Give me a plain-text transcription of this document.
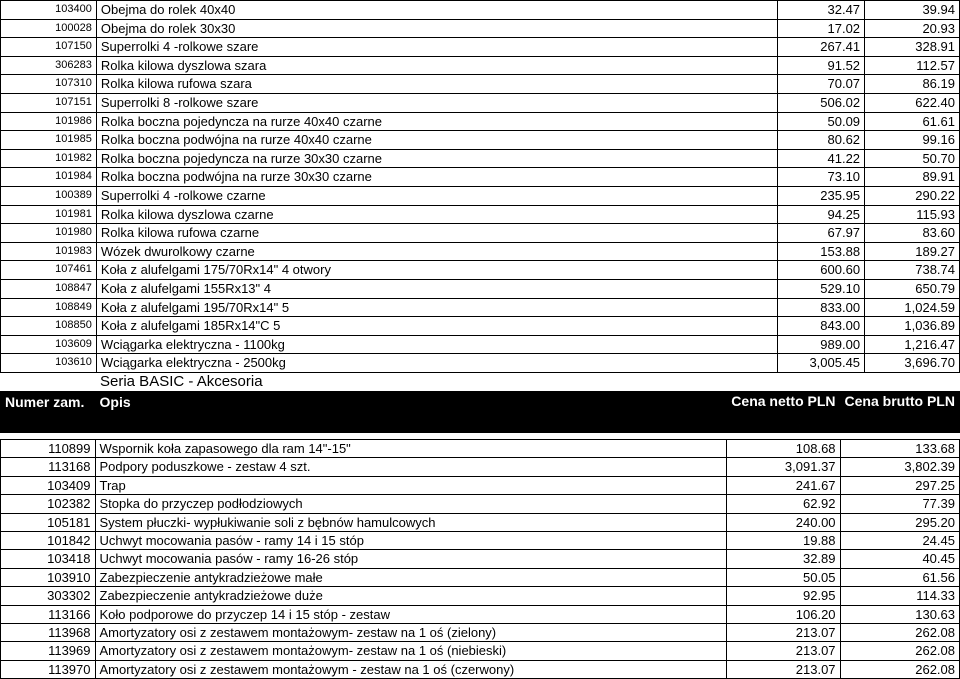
103400	Obejma do rolek 40x40	32.47	39.94
100028	Obejma do rolek 30x30	17.02	20.93
107150	Superrolki 4 -rolkowe szare	267.41	328.91
306283	Rolka kilowa dyszlowa szara	91.52	112.57
107310	Rolka kilowa rufowa szara	70.07	86.19
107151	Superrolki 8 -rolkowe szare	506.02	622.40
101986	Rolka boczna pojedyncza na rurze 40x40 czarne	50.09	61.61
101985	Rolka boczna podwójna na rurze 40x40 czarne	80.62	99.16
101982	Rolka boczna pojedyncza na rurze 30x30 czarne	41.22	50.70
101984	Rolka boczna podwójna na rurze 30x30 czarne	73.10	89.91
100389	Superrolki 4 -rolkowe czarne	235.95	290.22
101981	Rolka kilowa dyszlowa czarne	94.25	115.93
101980	Rolka kilowa rufowa czarne	67.97	83.60
101983	Wózek dwurolkowy czarne	153.88	189.27
107461	Koła z alufelgami 175/70Rx14" 4 otwory	600.60	738.74
108847	Koła z alufelgami 155Rx13" 4	529.10	650.79
108849	Koła z alufelgami 195/70Rx14" 5	833.00	1,024.59
108850	Koła z alufelgami 185Rx14"C 5	843.00	1,036.89
103609	Wciągarka elektryczna - 1100kg	989.00	1,216.47
103610	Wciągarka elektryczna - 2500kg	3,005.45	3,696.70
Seria BASIC - Akcesoria
Numer zam.	Opis	Cena netto PLN	Cena brutto PLN

110899	Wspornik koła zapasowego dla ram 14"-15"	108.68	133.68
113168	Podpory poduszkowe - zestaw 4 szt.	3,091.37	3,802.39
103409	Trap	241.67	297.25
102382	Stopka do przyczep podłodziowych	62.92	77.39
105181	System płuczki- wypłukiwanie soli z bębnów hamulcowych	240.00	295.20
101842	Uchwyt mocowania pasów - ramy 14 i 15 stóp	19.88	24.45
103418	Uchwyt mocowania pasów - ramy 16-26 stóp	32.89	40.45
103910	Zabezpieczenie antykradzieżowe małe	50.05	61.56
303302	Zabezpieczenie antykradzieżowe duże	92.95	114.33
113166	Koło podporowe do przyczep 14 i 15 stóp - zestaw	106.20	130.63
113968	Amortyzatory osi z zestawem montażowym- zestaw na 1 oś (zielony)	213.07	262.08
113969	Amortyzatory osi z zestawem montażowym- zestaw na 1 oś (niebieski)	213.07	262.08
113970	Amortyzatory osi z zestawem montażowym - zestaw na 1 oś (czerwony)	213.07	262.08
